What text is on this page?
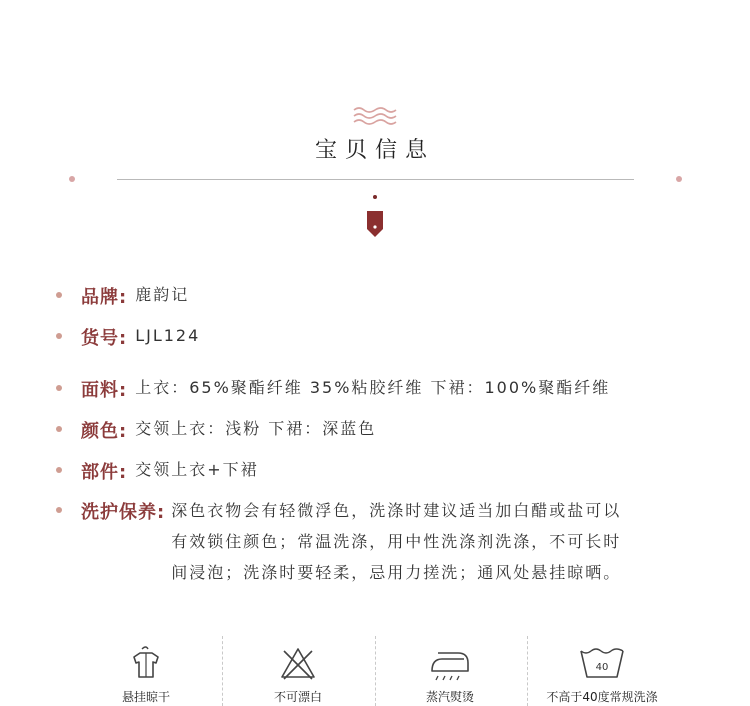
宝贝信息
品牌: 鹿韵记
货号: LJL124
面料: 上衣：65%聚酯纤维 35%粘胶纤维 下裙：100%聚酯纤维
颜色: 交领上衣：浅粉 下裙：深蓝色
部件: 交领上衣+下裙
洗护保养: 深色衣物会有轻微浮色，洗涤时建议适当加白醋或盐可以
有效锁住颜色；常温洗涤，用中性洗涤剂洗涤，不可长时
间浸泡；洗涤时要轻柔，忌用力搓洗；通风处悬挂晾晒。
悬挂晾干	不可漂白	蒸汽熨烫
40
不高于40度常规洗涤
